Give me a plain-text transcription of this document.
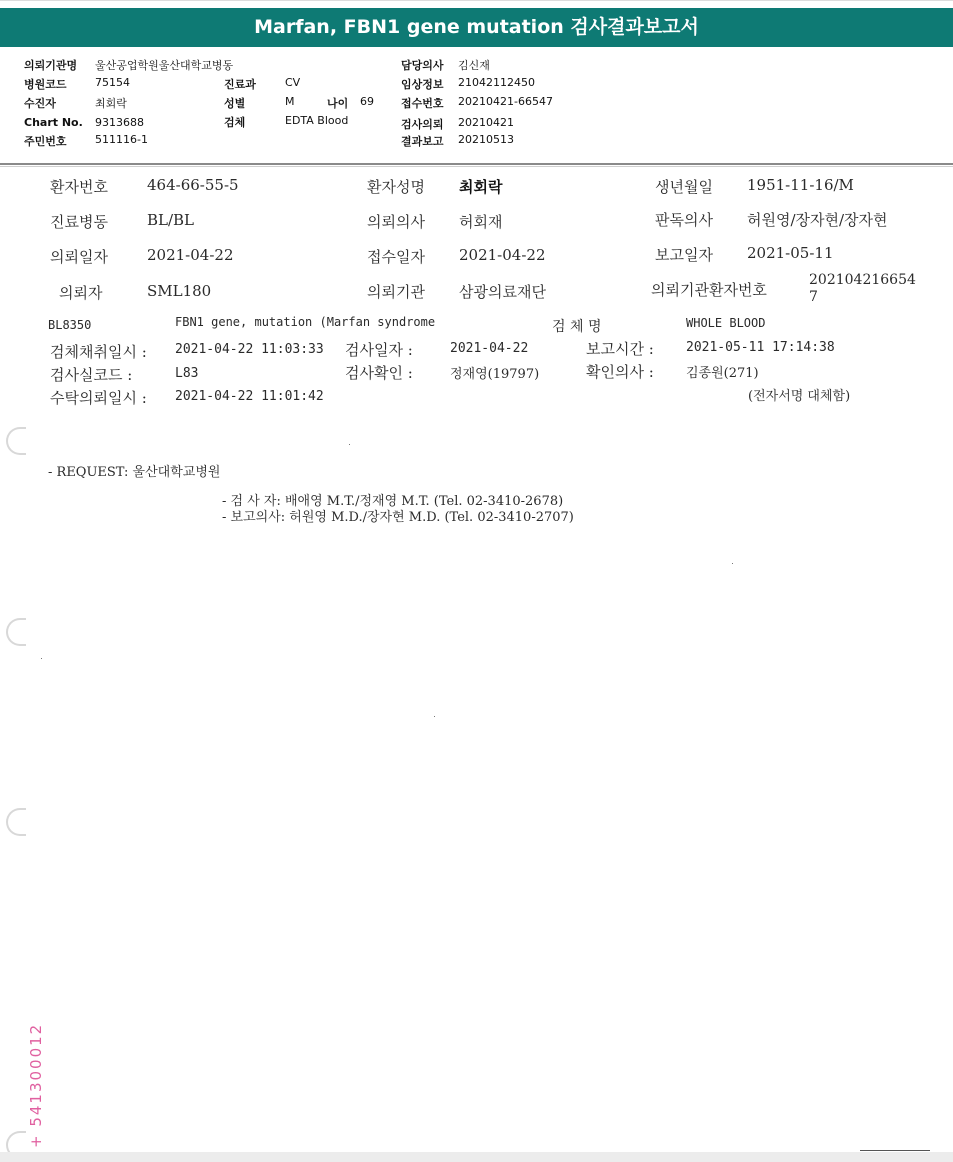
Marfan, FBN1 gene mutation 검사결과보고서
의뢰기관명 울산공업학원울산대학교병동
병원코드	75154
수진자	최회락
Chart No. 9313688
주민번호	511116-1
진료과	CV
성별	M	나이 69
검체	EDTA Blood
담당의사 김신재
임상정보 21042112450
접수번호 20210421-66547
검사의뢰 20210421
결과보고 20210513
환자번호	464-66-55-5	환자성명 최회락	생년월일 1951-11-16/M
진료병동	BL/BL	의뢰의사 허회재	판독의사 허원영/장자현/장자현
의뢰일자	2021-04-22	접수일자 2021-04-22	보고일자 2021-05-11
의뢰자	SML180	의뢰기관 삼광의료재단	의뢰기관환자번호
202104216654
7
BL8350	FBN1 gene, mutation (Marfan syndrome	검 체 명	WHOLE BLOOD
검체채취일시 : 2021-04-22 11:03:33 검사일자 :	2021-04-22	보고시간 : 2021-05-11 17:14:38
검사실코드 :	L83	검사확인 :	정재영(19797)	확인의사 : 김종원(271)
수탁의뢰일시 : 2021-04-22 11:01:42	(전자서명 대체함)
- REQUEST: 울산대학교병원
- 검 사 자: 배애영 M.T./정재영 M.T. (Tel. 02-3410-2678)
- 보고의사: 허원영 M.D./장자현 M.D. (Tel. 02-3410-2707)
+ 541300012
